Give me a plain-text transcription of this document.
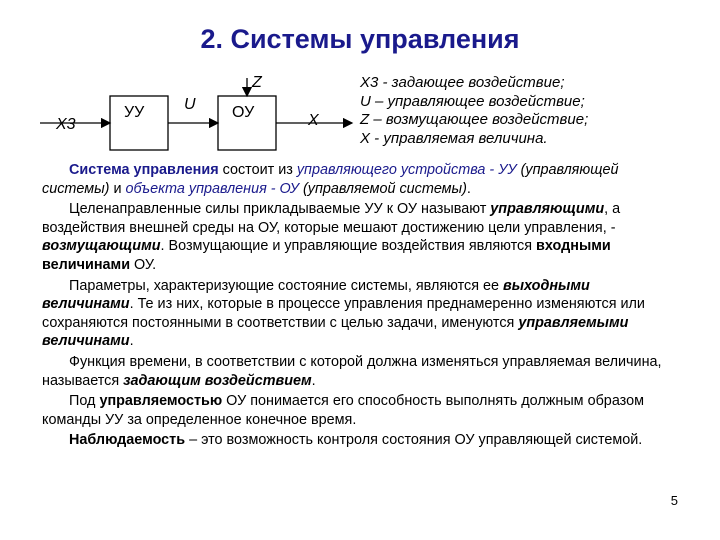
2. Системы управления
X3
УУ U ОУ
Z
X
X3 - задающее воздействие;
U – управляющее воздействие;
Z – возмущающее воздействие;
X - управляемая величина.

Система управления состоит из управляющего устройства - УУ (управляющей системы) и объекта управления - ОУ (управляемой системы).

Целенаправленные силы прикладываемые УУ к ОУ называют управляющими, а воздействия внешней среды на ОУ, которые мешают достижению цели управления, - возмущающими. Возмущающие и управляющие воздействия являются входными величинами ОУ.

Параметры, характеризующие состояние системы, являются ее выходными величинами. Те из них, которые в процессе управления преднамеренно изменяются или сохраняются постоянными в соответствии с целью задачи, именуются управляемыми величинами.

Функция времени, в соответствии с которой должна изменяться управляемая величина, называется задающим воздействием.

Под управляемостью ОУ понимается его способность выполнять должным образом команды УУ за определенное конечное время.

Наблюдаемость – это возможность контроля состояния ОУ управляющей системой.

5
